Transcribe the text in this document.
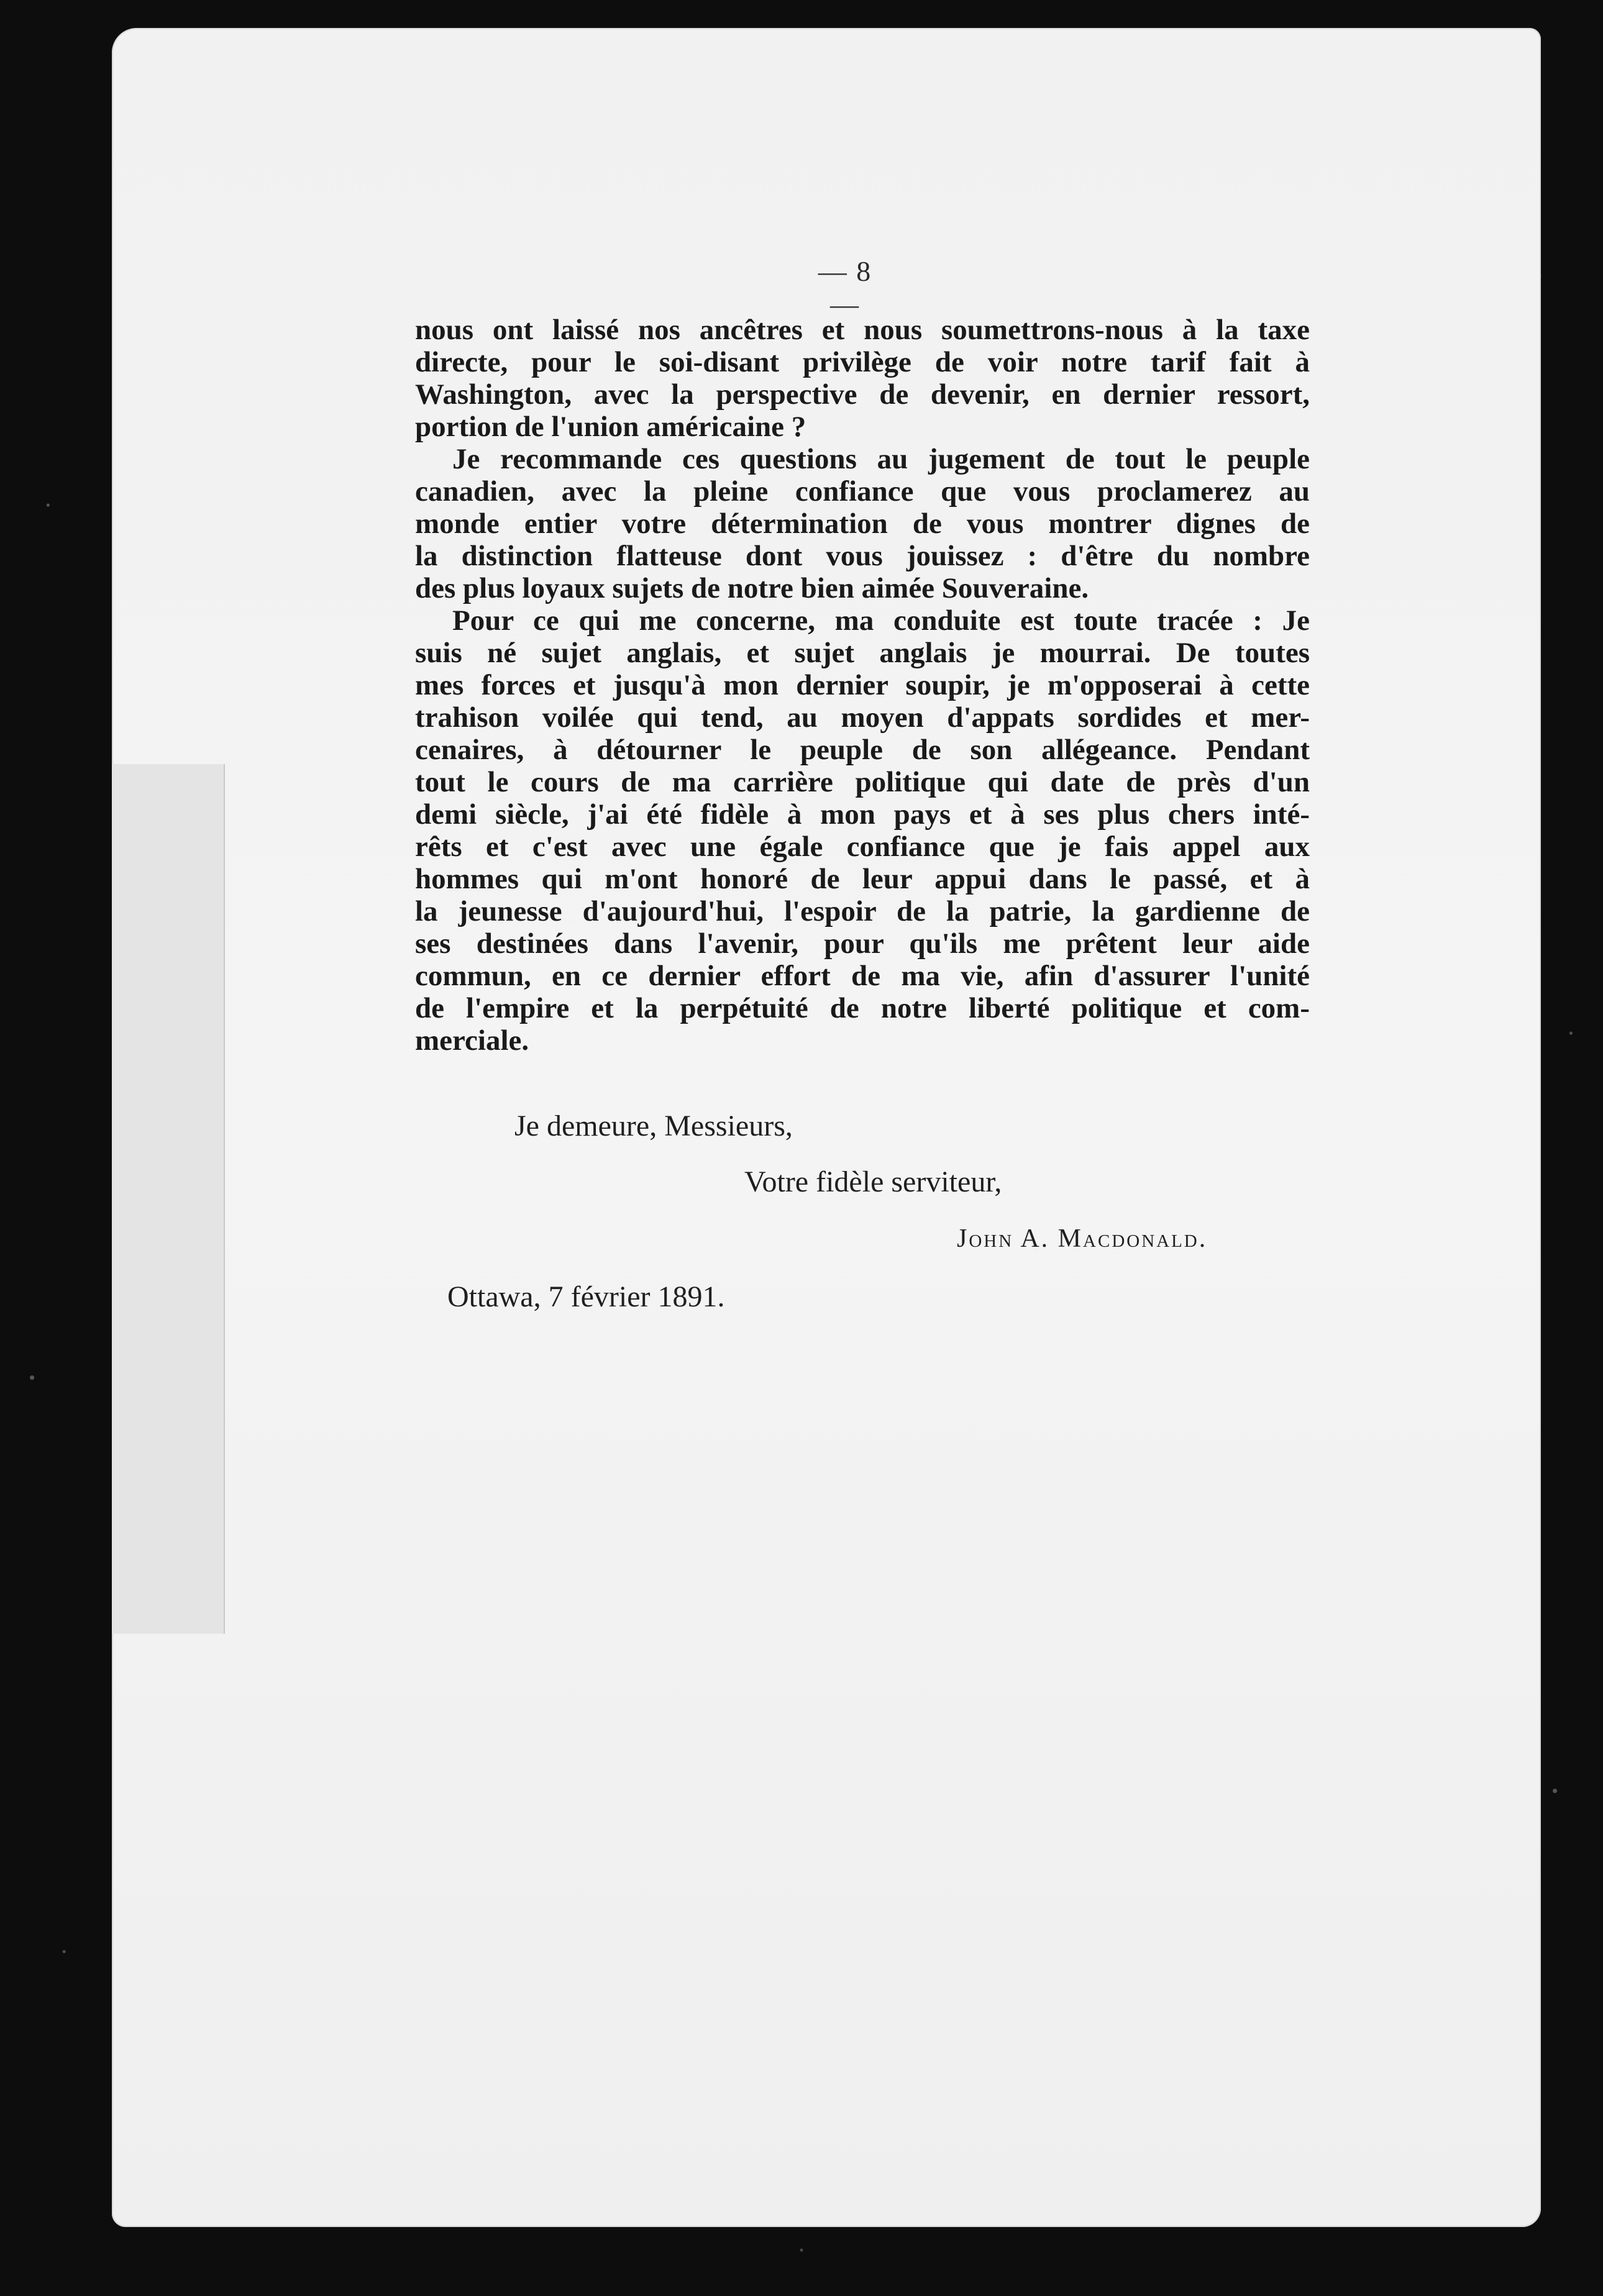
— 8 —
nous ont laissé nos ancêtres et nous soumettrons-nous à la taxe
directe, pour le soi-disant privilège de voir notre tarif fait à
Washington, avec la perspective de devenir, en dernier ressort,
portion de l'union américaine ?
Je recommande ces questions au jugement de tout le peuple
canadien, avec la pleine confiance que vous proclamerez au
monde entier votre détermination de vous montrer dignes de
la distinction flatteuse dont vous jouissez : d'être du nombre
des plus loyaux sujets de notre bien aimée Souveraine.
Pour ce qui me concerne, ma conduite est toute tracée : Je
suis né sujet anglais, et sujet anglais je mourrai. De toutes
mes forces et jusqu'à mon dernier soupir, je m'opposerai à cette
trahison voilée qui tend, au moyen d'appats sordides et mer-
cenaires, à détourner le peuple de son allégeance. Pendant
tout le cours de ma carrière politique qui date de près d'un
demi siècle, j'ai été fidèle à mon pays et à ses plus chers inté-
rêts et c'est avec une égale confiance que je fais appel aux
hommes qui m'ont honoré de leur appui dans le passé, et à
la jeunesse d'aujourd'hui, l'espoir de la patrie, la gardienne de
ses destinées dans l'avenir, pour qu'ils me prêtent leur aide
commun, en ce dernier effort de ma vie, afin d'assurer l'unité
de l'empire et la perpétuité de notre liberté politique et com-
merciale.
Je demeure, Messieurs,
Votre fidèle serviteur,
John A. Macdonald.
Ottawa, 7 février 1891.
